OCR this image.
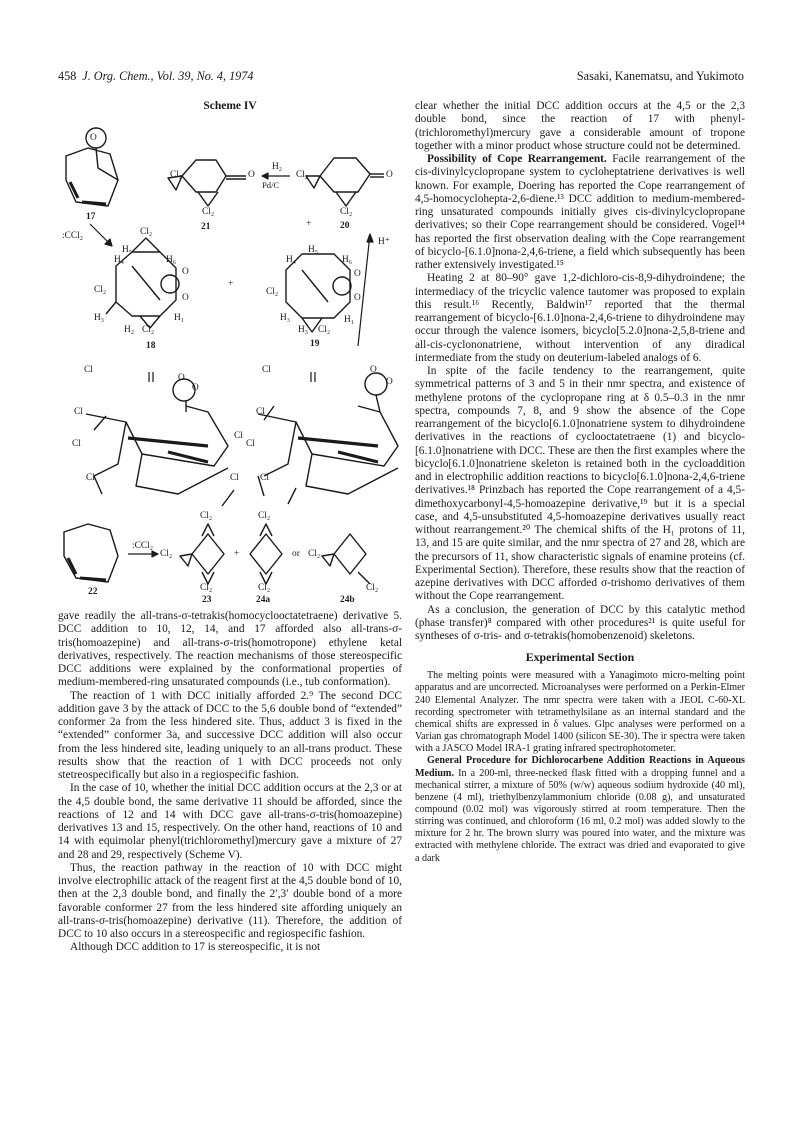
458 J. Org. Chem., Vol. 39, No. 4, 1974	Sasaki, Kanematsu, and Yukimoto
Scheme IV
17
O
Cl₂	O
Cl₂
21
H₂
Pd/C
Cl₂	O
Cl₂
20
+
H⁺
:CCl₂
H₅
Cl₂
H₄	H₆
O
O
Cl₂
H₃	H₁
H₂ Cl₂
18
+
H₅
H₄	H₆
O
O
Cl₂
H₃	H₁
H₃ Cl₂
19
Cl
Cl
Cl
Cl
O
O
Cl
Cl
Cl
Cl
Cl
Cl
O
O
22
:CCl₂
Cl₂
Cl₂
Cl₂
23
+
Cl₂
Cl₂
24a
or Cl₂
Cl₂
24b

gave readily the all-trans-σ-tetrakis(homocyclooctatetraene) derivative 5. DCC addition to 10, 12, 14, and 17 afforded also all-trans-σ-tris(homoazepine) and all-trans-σ-tris(homotropone) ethylene ketal derivatives, respectively. The reaction mechanisms of those stereospecific DCC additions were explained by the conformational properties of medium-membered-ring unsaturated compounds (i.e., tub conformation).

The reaction of 1 with DCC initially afforded 2.⁹ The second DCC addition gave 3 by the attack of DCC to the 5,6 double bond of “extended” conformer 2a from the less hindered site. Thus, adduct 3 is fixed in the “extended” conformer 3a, and successive DCC addition will also occur from the less hindered site, leading uniquely to an all-trans product. These results show that the reaction of 1 with DCC proceeds not only stetreospecifically but also in a regiospecific fashion.

In the case of 10, whether the initial DCC addition occurs at the 2,3 or at the 4,5 double bond, the same derivative 11 should be afforded, since the reactions of 12 and 14 with DCC gave all-trans-σ-tris(homoazepine) derivatives 13 and 15, respectively. On the other hand, reactions of 10 and 14 with equimolar phenyl(trichloromethyl)mercury gave a mixture of 27 and 28 and 29, respectively (Scheme V).

Thus, the reaction pathway in the reaction of 10 with DCC might involve electrophilic attack of the reagent first at the 4,5 double bond of 10, then at the 2,3 double bond, and finally the 2′,3′ double bond of a more favorable conformer 27 from the less hindered site affording uniquely an all-trans-σ-tris(homoazepine) derivative (11). Therefore, the addition of DCC to 10 also occurs in a stereospecific and regiospecific fashion.

Although DCC addition to 17 is stereospecific, it is not

clear whether the initial DCC addition occurs at the 4,5 or the 2,3 double bond, since the reaction of 17 with phenyl-(trichloromethyl)mercury gave a considerable amount of tropone together with a minor product whose structure could not be determined.

Possibility of Cope Rearrangement. Facile rearrangement of the cis-divinylcyclopropane system to cycloheptatriene derivatives is well known. For example, Doering has reported the Cope rearrangement of 4,5-homocyclohepta-2,6-diene.¹³ DCC addition to medium-membered-ring unsaturated compounds initially gives cis-divinylcyclopropane derivatives; so their Cope rearrangement should be considered. Vogel¹⁴ has reported the first observation dealing with the Cope rearrangement of bicyclo-[6.1.0]nona-2,4,6-triene, a field which subsequently has been rather extensively investigated.¹⁵

Heating 2 at 80–90° gave 1,2-dichloro-cis-8,9-dihydroindene; the intermediacy of the tricyclic valence tautomer was proposed to explain this result.¹⁶ Recently, Baldwin¹⁷ reported that the thermal rearrangement of bicyclo-[6.1.0]nona-2,4,6-triene to dihydroindene may occur through the valence isomers, bicyclo[5.2.0]nona-2,5,8-triene and all-cis-cyclononatriene, without intervention of any diradical intermediate from the study on deuterium-labeled analogs of 6.

In spite of the facile tendency to the rearrangement, quite symmetrical patterns of 3 and 5 in their nmr spectra, and existence of methylene protons of the cyclopropane ring at δ 0.5–0.3 in the nmr spectra, compounds 7, 8, and 9 show the absence of the Cope rearrangement of the bicyclo[6.1.0]nonatriene system to dihydroindene derivatives in the reactions of cyclooctatetraene (1) and bicyclo-[6.1.0]nonatriene with DCC. These are then the first examples where the bicyclo[6.1.0]nonatriene skeleton is retained both in the cycloaddition and in electrophilic addition reactions to bicyclo[6.1.0]nona-2,4,6-triene derivatives.¹⁸ Prinzbach has reported the Cope rearrangement of a 4,5-dimethoxycarbonyl-4,5-homoazepine derivative,¹⁹ but it is a special case, and 4,5-unsubstituted 4,5-homoazepine derivatives usually react without rearrangement.²⁰ The chemical shifts of the H₁ protons of 11, 13, and 15 are quite similar, and the nmr spectra of 27 and 28, which are the precursors of 11, show characteristic signals of enamine proteins (cf. Experimental Section). Therefore, these results show that the reaction of azepine derivatives with DCC afforded σ-trishomo derivatives of them without the Cope rearrangement.

As a conclusion, the generation of DCC by this catalytic method (phase transfer)⁸ compared with other procedures²¹ is quite useful for syntheses of σ-tris- and σ-tetrakis(homobenzenoid) skeletons.

Experimental Section

The melting points were measured with a Yanagimoto micro-melting point apparatus and are uncorrected. Microanalyses were performed on a Perkin-Elmer 240 Elemental Analyzer. The nmr spectra were taken with a JEOL C-60-XL recording spectrometer with tetramethylsilane as an internal standard and the chemical shifts are expressed in δ values. Glpc analyses were performed on a Varian gas chromatograph Model 1400 (silicon SE-30). The ir spectra were taken with a JASCO Model IRA-1 grating infrared spectrophotometer.

General Procedure for Dichlorocarbene Addition Reactions in Aqueous Medium. In a 200-ml, three-necked flask fitted with a dropping funnel and a mechanical stirrer, a mixture of 50% (w/w) aqueous sodium hydroxide (40 ml), benzene (4 ml), triethylbenzylammonium chloride (0.08 g), and unsaturated compound (0.02 mol) was vigorously stirred at room temperature. Then the stirring was continued, and chloroform (16 ml, 0.2 mol) was added slowly to the mixture for 2 hr. The brown slurry was poured into water, and the mixture was extracted with methylene chloride. The extract was dried and evaporated to give a dark
